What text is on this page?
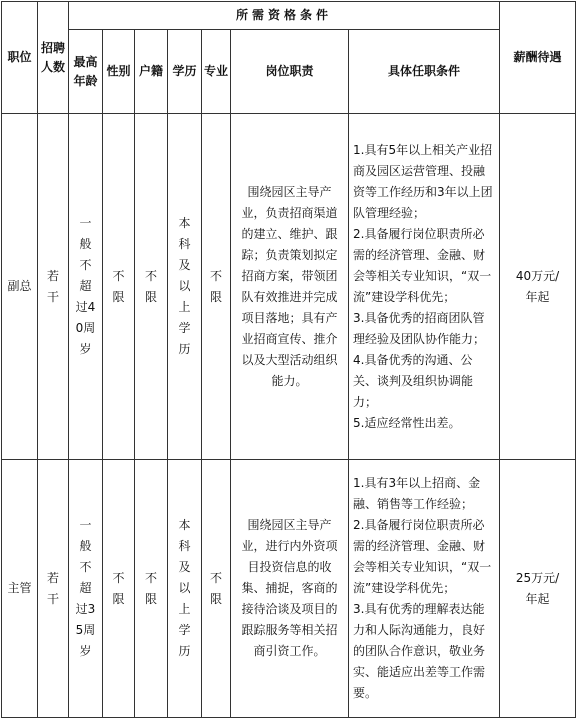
职位	招聘人数	所需资格条件							薪酬待遇
		最高年龄	性别	户籍	学历	专业	岗位职责	具体任职条件	
副总	若干	一般不超过40周岁	不限	不限	本科及以上学历	不限	围绕园区主导产业，负责招商渠道的建立、维护、跟踪；负责策划拟定招商方案，带领团队有效推进并完成项目落地；具有产业招商宣传、推介以及大型活动组织能力。	1.具有5年以上相关产业招商及园区运营管理、投融资等工作经历和3年以上团队管理经验；
2.具备履行岗位职责所必需的经济管理、金融、财会等相关专业知识，“双一流”建设学科优先；
3.具备优秀的招商团队管理经验及团队协作能力；
4.具备优秀的沟通、公关、谈判及组织协调能力；
5.适应经常性出差。	40万元/年起
主管	若干	一般不超过35周岁	不限	不限	本科及以上学历	不限	围绕园区主导产业，进行内外资项目投资信息的收集、捕捉，客商的接待洽谈及项目的跟踪服务等相关招商引资工作。	1.具有3年以上招商、金融、销售等工作经验；
2.具备履行岗位职责所必需的经济管理、金融、财会等相关专业知识，“双一流”建设学科优先；
3.具有优秀的理解表达能力和人际沟通能力，良好的团队合作意识，敬业务实、能适应出差等工作需要。	25万元/年起
